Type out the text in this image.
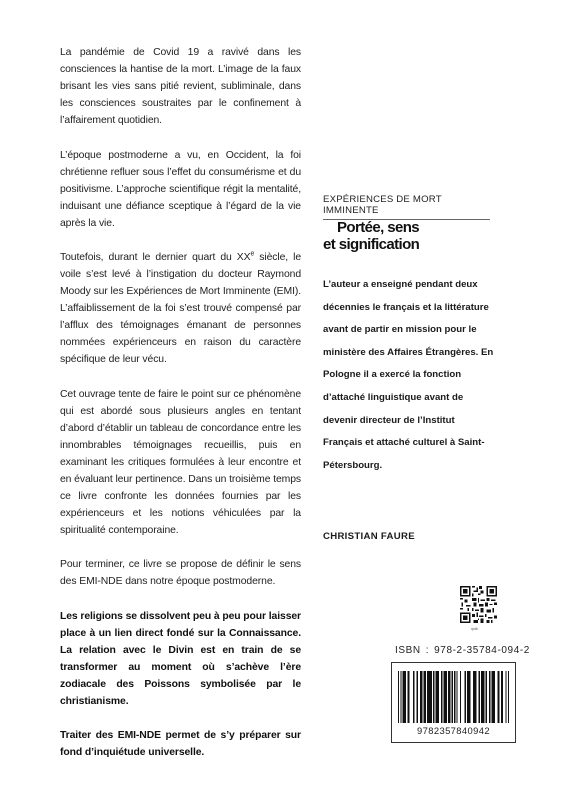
La pandémie de Covid 19 a ravivé dans les consciences la hantise de la mort. L’image de la faux brisant les vies sans pitié revient, subliminale, dans les consciences soustraites par le confinement à l’affairement quotidien.

L’époque postmoderne a vu, en Occident, la foi chrétienne refluer sous l’effet du consumérisme et du positivisme. L’approche scientifique régit la mentalité, induisant une défiance sceptique à l’égard de la vie après la vie.

Toutefois, durant le dernier quart du XXe siècle, le voile s’est levé à l’instigation du docteur Raymond Moody sur les Expériences de Mort Imminente (EMI). L’affaiblissement de la foi s’est trouvé compensé par l’afflux des témoignages émanant de personnes nommées expérienceurs en raison du caractère spécifique de leur vécu.

Cet ouvrage tente de faire le point sur ce phénomène qui est abordé sous plusieurs angles en tentant d’abord d’établir un tableau de concordance entre les innombrables témoignages recueillis, puis en examinant les critiques formulées à leur encontre et en évaluant leur pertinence. Dans un troisième temps ce livre confronte les données fournies par les expérienceurs et les notions véhiculées par la spiritualité contemporaine.

Pour terminer, ce livre se propose de définir le sens des EMI-NDE dans notre époque postmoderne.

Les religions se dissolvent peu à peu pour laisser place à un lien direct fondé sur la Connaissance. La relation avec le Divin est en train de se transformer au moment où s’achève l’ère zodiacale des Poissons symbolisée par le christianisme.

Traiter des EMI-NDE permet de s’y préparer sur fond d’inquiétude universelle.

EXPÉRIENCES DE MORT IMMINENTE
Portée, sens
et signification
L’auteur a enseigné pendant deux décennies le français et la littérature avant de partir en mission pour le ministère des Affaires Étrangères. En Pologne il a exercé la fonction d’attaché linguistique avant de devenir directeur de l’Institut Français et attaché culturel à Saint-Pétersbourg.
CHRISTIAN FAURE
qrdb
ISBN : 978-2-35784-094-2
9782357840942
